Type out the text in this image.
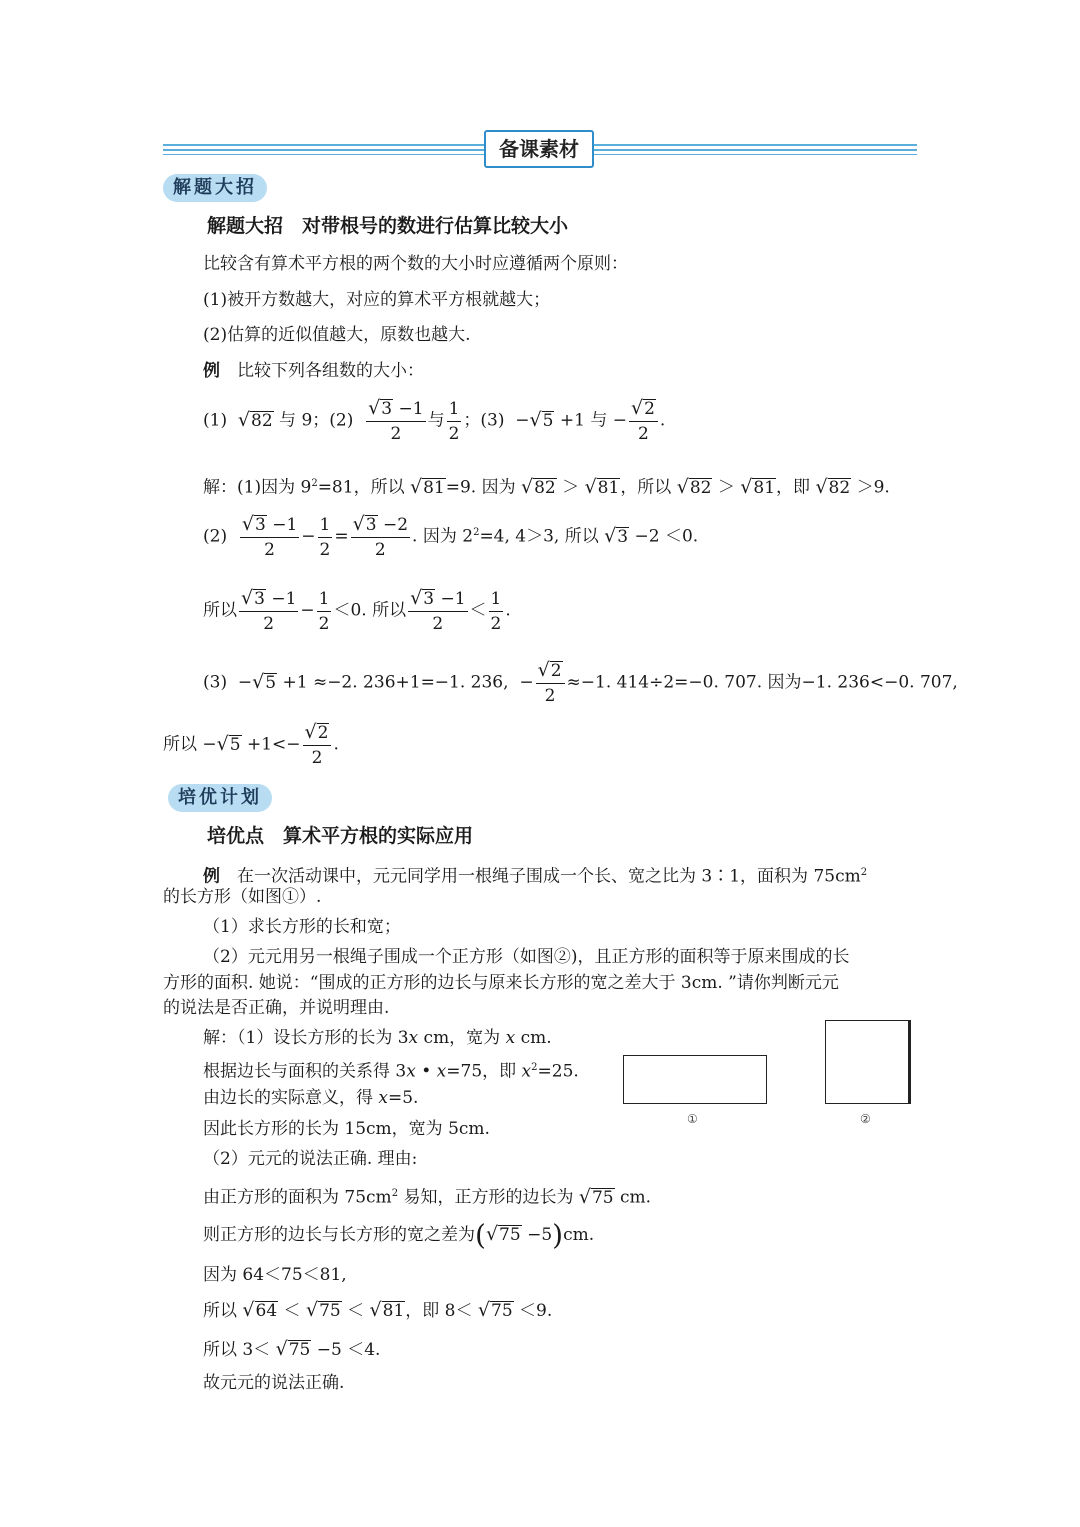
备课素材
解题大招
解题大招　对带根号的数进行估算比较大小
比较含有算术平方根的两个数的大小时应遵循两个原则：
(1)被开方数越大，对应的算术平方根就越大；
(2)估算的近似值越大，原数也越大.
例　 比较下列各组数的大小：
(1)  √82 与 9；$(2) \frac{√3 -1}{2}$ 与 $\frac{1}{2}$ ；(3)  −√5 +1 与 − $\frac{√2}{2}$ .
解：(1)因为 $9^2=81$，所以 √81=9. 因为 √82 ＞ √81，所以 √82 ＞ √81，即 √82 ＞9.
$(2) \frac{√3 -1}{2} - \frac{1}{2} = \frac{√3 -2}{2}$ . 因为 $2^2=4$, 4＞3, 所以 √3 −2 ＜0.
所以 $\frac{√3 -1}{2} - \frac{1}{2} <0$. 所以 $\frac{√3 -1}{2} < \frac{1}{2}$ .
(3)  −√5 +1 ≈−2. 236+1=−1. 236,  − $\frac{√2}{2} \approx-1$. 414÷2=−0. 707. 因为−1. 236<−0. 707,
所以 $-√5 +1<- \frac{√2}{2}$ .
培优计划
培优点　算术平方根的实际应用
例　 在一次活动课中，元元同学用一根绳子围成一个长、宽之比为 3∶1，面积为 $75cm^2$
的长方形（如图①）.
（1）求长方形的长和宽；
（2）元元用另一根绳子围成一个正方形（如图②)，且正方形的面积等于原来围成的长
方形的面积. 她说：“围成的正方形的边长与原来长方形的宽之差大于 3cm. ”请你判断元元
的说法是否正确，并说明理由.
解：（1）设长方形的长为 3x cm，宽为 x cm.
根据边长与面积的关系得 3x • x=75，即 $x^2=25$.
由边长的实际意义，得 x=5.
因此长方形的长为 15cm，宽为 5cm.	①	②
（2）元元的说法正确. 理由:
由正方形的面积为 $75cm^2$ 易知，正方形的边长为 √75 cm.
则正方形的边长与长方形的宽之差为(√75 −5)cm.
因为 64＜75＜81,
所以 √64 ＜ √75 ＜ √81，即 8＜ √75 ＜9.
所以 3＜ √75 −5 ＜4.
故元元的说法正确.
